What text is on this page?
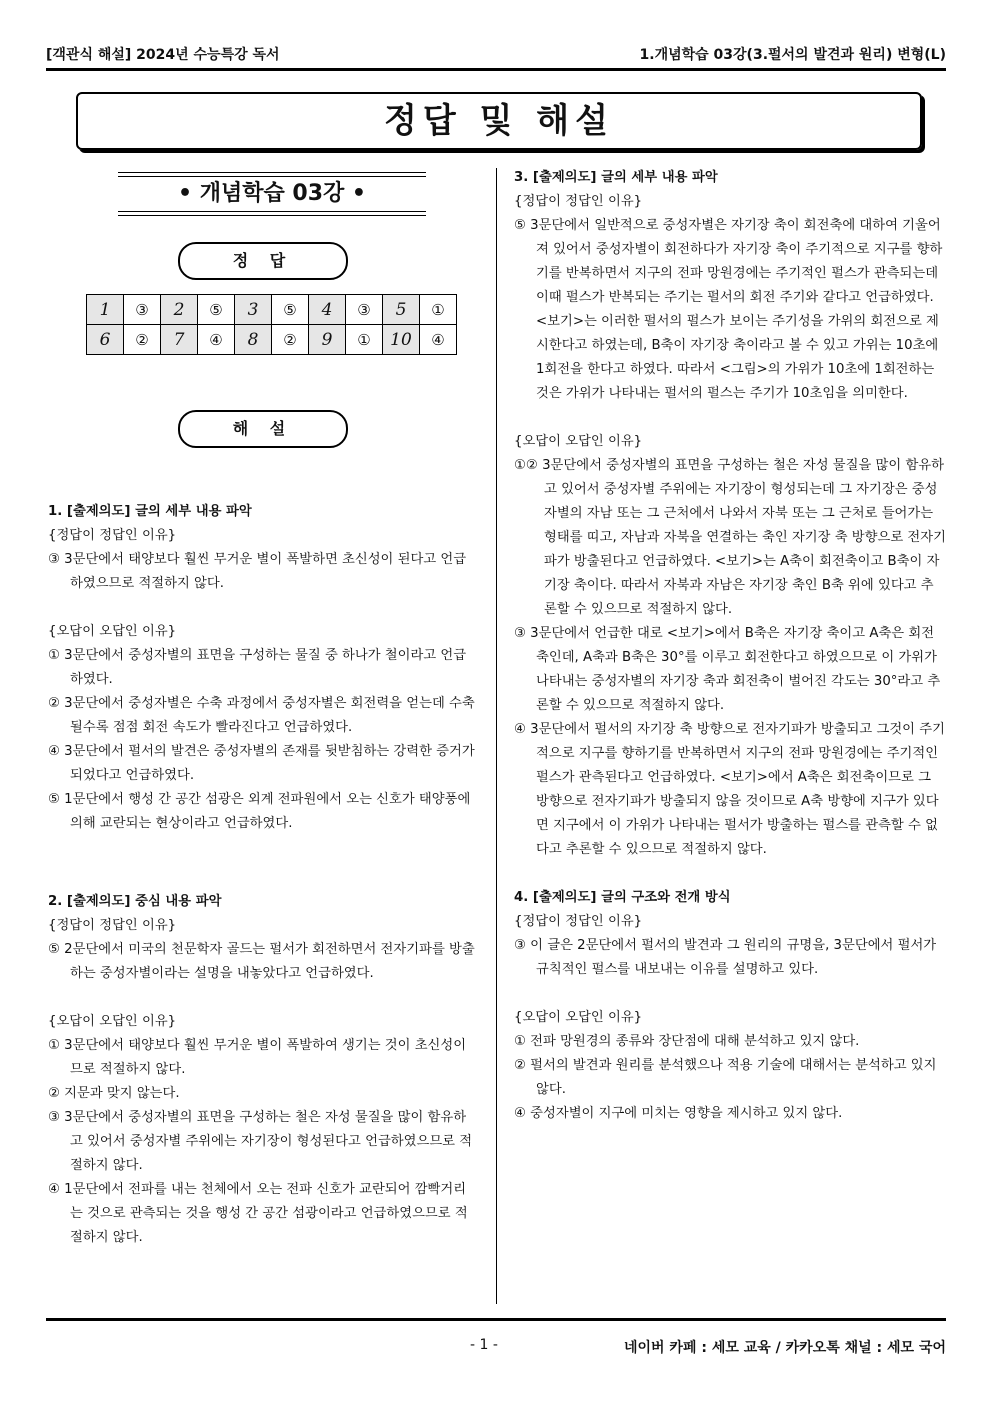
[객관식 해설] 2024년 수능특강 독서	1.개념학습 03강(3.펄서의 발견과 원리) 변형(L)
정답 및 해설
• 개념학습 03강 •
정 답
1	③	2	⑤	3	⑤	4	③	5	①
6	②	7	④	8	②	9	①	10	④
해 설

1. [출제의도] 글의 세부 내용 파악

{정답이 정답인 이유}

③ 3문단에서 태양보다 훨씬 무거운 별이 폭발하면 초신성이 된다고 언급하였으므로 적절하지 않다.

{오답이 오답인 이유}

① 3문단에서 중성자별의 표면을 구성하는 물질 중 하나가 철이라고 언급하였다.

② 3문단에서 중성자별은 수축 과정에서 중성자별은 회전력을 얻는데 수축될수록 점점 회전 속도가 빨라진다고 언급하였다.

④ 3문단에서 펄서의 발견은 중성자별의 존재를 뒷받침하는 강력한 증거가 되었다고 언급하였다.

⑤ 1문단에서 행성 간 공간 섬광은 외계 전파원에서 오는 신호가 태양풍에 의해 교란되는 현상이라고 언급하였다.

2. [출제의도] 중심 내용 파악

{정답이 정답인 이유}

⑤ 2문단에서 미국의 천문학자 골드는 펄서가 회전하면서 전자기파를 방출하는 중성자별이라는 설명을 내놓았다고 언급하였다.

{오답이 오답인 이유}

① 3문단에서 태양보다 훨씬 무거운 별이 폭발하여 생기는 것이 초신성이므로 적절하지 않다.

② 지문과 맞지 않는다.

③ 3문단에서 중성자별의 표면을 구성하는 철은 자성 물질을 많이 함유하고 있어서 중성자별 주위에는 자기장이 형성된다고 언급하였으므로 적절하지 않다.

④ 1문단에서 전파를 내는 천체에서 오는 전파 신호가 교란되어 깜빡거리는 것으로 관측되는 것을 행성 간 공간 섬광이라고 언급하였으므로 적절하지 않다.

3. [출제의도] 글의 세부 내용 파악

{정답이 정답인 이유}

⑤ 3문단에서 일반적으로 중성자별은 자기장 축이 회전축에 대하여 기울어져 있어서 중성자별이 회전하다가 자기장 축이 주기적으로 지구를 향하기를 반복하면서 지구의 전파 망원경에는 주기적인 펄스가 관측되는데 이때 펄스가 반복되는 주기는 펄서의 회전 주기와 같다고 언급하였다. <보기>는 이러한 펄서의 펄스가 보이는 주기성을 가위의 회전으로 제시한다고 하였는데, B축이 자기장 축이라고 볼 수 있고 가위는 10초에 1회전을 한다고 하였다. 따라서 <그림>의 가위가 10초에 1회전하는 것은 가위가 나타내는 펄서의 펄스는 주기가 10초임을 의미한다.

{오답이 오답인 이유}

①② 3문단에서 중성자별의 표면을 구성하는 철은 자성 물질을 많이 함유하고 있어서 중성자별 주위에는 자기장이 형성되는데 그 자기장은 중성자별의 자남 또는 그 근처에서 나와서 자북 또는 그 근처로 들어가는 형태를 띠고, 자남과 자북을 연결하는 축인 자기장 축 방향으로 전자기파가 방출된다고 언급하였다. <보기>는 A축이 회전축이고 B축이 자기장 축이다. 따라서 자북과 자남은 자기장 축인 B축 위에 있다고 추론할 수 있으므로 적절하지 않다.

③ 3문단에서 언급한 대로 <보기>에서 B축은 자기장 축이고 A축은 회전축인데, A축과 B축은 30°를 이루고 회전한다고 하였으므로 이 가위가 나타내는 중성자별의 자기장 축과 회전축이 벌어진 각도는 30°라고 추론할 수 있으므로 적절하지 않다.

④ 3문단에서 펄서의 자기장 축 방향으로 전자기파가 방출되고 그것이 주기적으로 지구를 향하기를 반복하면서 지구의 전파 망원경에는 주기적인 펄스가 관측된다고 언급하였다. <보기>에서 A축은 회전축이므로 그 방향으로 전자기파가 방출되지 않을 것이므로 A축 방향에 지구가 있다면 지구에서 이 가위가 나타내는 펄서가 방출하는 펄스를 관측할 수 없다고 추론할 수 있으므로 적절하지 않다.

4. [출제의도] 글의 구조와 전개 방식

{정답이 정답인 이유}

③ 이 글은 2문단에서 펄서의 발견과 그 원리의 규명을, 3문단에서 펄서가 규칙적인 펄스를 내보내는 이유를 설명하고 있다.

{오답이 오답인 이유}

① 전파 망원경의 종류와 장단점에 대해 분석하고 있지 않다.

② 펄서의 발견과 원리를 분석했으나 적용 기술에 대해서는 분석하고 있지 않다.

④ 중성자별이 지구에 미치는 영향을 제시하고 있지 않다.

- 1 -	네이버 카페 : 세모 교육 / 카카오톡 채널 : 세모 국어
